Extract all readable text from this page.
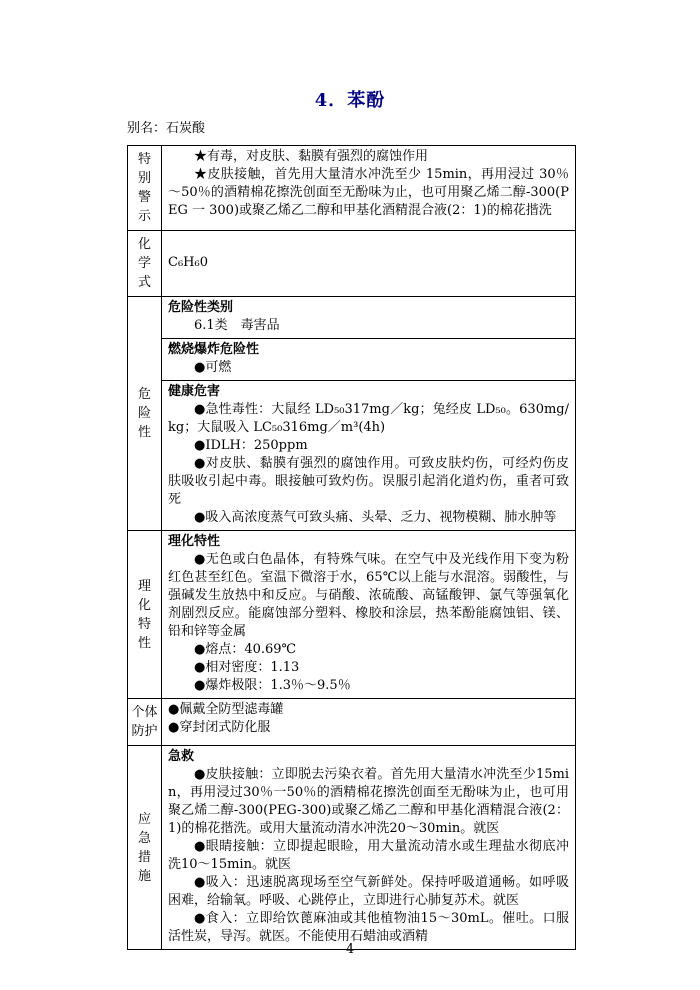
4．苯酚
别名：石炭酸
特
别
警
示
★有毒，对皮肤、黏膜有强烈的腐蚀作用
★皮肤接触，首先用大量清水冲洗至少 15min，再用浸过 30％～50％的酒精棉花擦洗创面至无酚味为止，也可用聚乙烯二醇-300(PEG 一 300)或聚乙烯乙二醇和甲基化酒精混合液(2：1)的棉花揩洗
化
学
式
C₆H₆0
危
险
性
危险性类别
6.1类　毒害品
燃烧爆炸危险性
●可燃
健康危害
●急性毒性：大鼠经 LD₅₀317mg／kg；兔经皮 LD₅₀。630mg/kg；大鼠吸入 LC₅₀316mg／m³(4h)
●IDLH：250ppm
●对皮肤、黏膜有强烈的腐蚀作用。可致皮肤灼伤，可经灼伤皮肤吸收引起中毒。眼接触可致灼伤。误服引起消化道灼伤，重者可致死
●吸入高浓度蒸气可致头痛、头晕、乏力、视物模糊、肺水肿等
理
化
特
性
理化特性
●无色或白色晶体，有特殊气味。在空气中及光线作用下变为粉红色甚至红色。室温下微溶于水，65℃以上能与水混溶。弱酸性，与强碱发生放热中和反应。与硝酸、浓硫酸、高锰酸钾、氯气等强氧化剂剧烈反应。能腐蚀部分塑料、橡胶和涂层，热苯酚能腐蚀铝、镁、铅和锌等金属
●熔点：40.69℃
●相对密度：1.13
●爆炸极限：1.3％～9.5％
个体
防护
●佩戴全防型滤毒罐
●穿封闭式防化服
应
急
措
施
急救
●皮肤接触：立即脱去污染衣着。首先用大量清水冲洗至少15min，再用浸过30％一50％的酒精棉花擦洗创面至无酚味为止，也可用聚乙烯二醇-300(PEG-300)或聚乙烯乙二醇和甲基化酒精混合液(2：1)的棉花揩洗。或用大量流动清水冲洗20～30min。就医
●眼睛接触：立即提起眼睑，用大量流动清水或生理盐水彻底冲洗10～15min。就医
●吸入：迅速脱离现场至空气新鲜处。保持呼吸道通畅。如呼吸困难，给输氧。呼吸、心跳停止，立即进行心肺复苏术。就医
●食入：立即给饮蓖麻油或其他植物油15～30mL。催吐。口服活性炭，导泻。就医。不能使用石蜡油或酒精
4
